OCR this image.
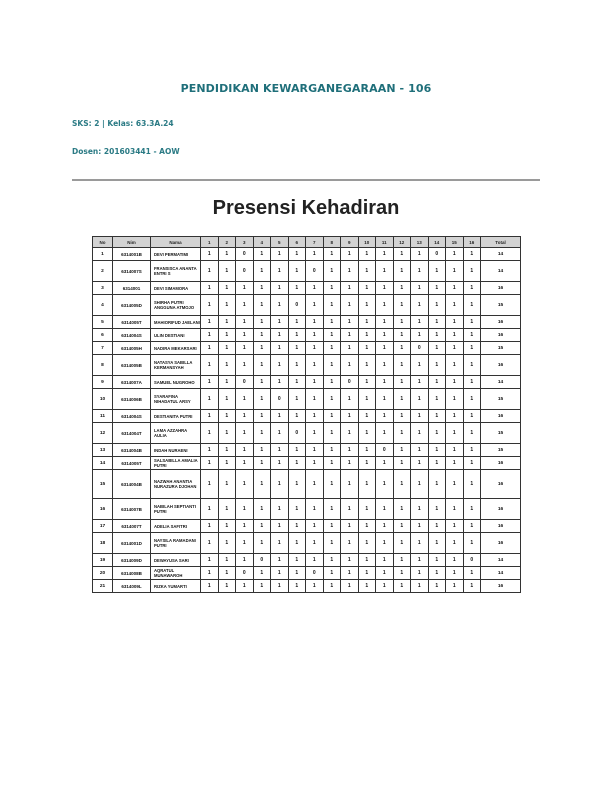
PENDIDIKAN KEWARGANEGARAAN - 106
SKS: 2 | Kelas: 63.3A.24
Dosen: 201603441 - AOW
Presensi Kehadiran
No	Nim	Nama	1	2	3	4	5	6	7	8	9	10	11	12	13	14	15	16	Total
1	6314001B	DEVI PERMATIMI	1	1	0	1	1	1	1	1	1	1	1	1	1	0	1	1	14
2	6314007S	FRANSISCA ANANTA ENTRI S	1	1	0	1	1	1	0	1	1	1	1	1	1	1	1	1	14
3	6314001	DEVI SIMAMORA	1	1	1	1	1	1	1	1	1	1	1	1	1	1	1	1	16
4	6314005D	SHIRHA PUTRI ANGGUNA ATMOJO	1	1	1	1	1	0	1	1	1	1	1	1	1	1	1	1	15
5	6314005T	MAHIORIFUD JAELANI	1	1	1	1	1	1	1	1	1	1	1	1	1	1	1	1	16
6	6314004S	ULIN DESTIANI	1	1	1	1	1	1	1	1	1	1	1	1	1	1	1	1	16
7	6314005H	NADIRA MEKARSARI	1	1	1	1	1	1	1	1	1	1	1	1	0	1	1	1	15
8	6314005B	NATASYA SABILLA KERMANSYAH	1	1	1	1	1	1	1	1	1	1	1	1	1	1	1	1	16
9	6314007A	SAMUEL NUGROHO	1	1	0	1	1	1	1	1	0	1	1	1	1	1	1	1	14
10	6314006B	SYARAFINA NIHADATUL ARSY	1	1	1	1	0	1	1	1	1	1	1	1	1	1	1	1	15
11	6314004S	DESTIANITA PUTRI	1	1	1	1	1	1	1	1	1	1	1	1	1	1	1	1	16
12	6314004T	LAMA AZZAHRA AULIA	1	1	1	1	1	0	1	1	1	1	1	1	1	1	1	1	15
13	6314004B	INDAH NURAENI	1	1	1	1	1	1	1	1	1	1	0	1	1	1	1	1	15
14	6314005T	SALSABILLA AMALIA PUTRI	1	1	1	1	1	1	1	1	1	1	1	1	1	1	1	1	16
15	6314004B	NAZWAH ANANTIA NURAZURA DJOHAN	1	1	1	1	1	1	1	1	1	1	1	1	1	1	1	1	16
16	6314007B	NABILAH SEPTIANTI PUTRI	1	1	1	1	1	1	1	1	1	1	1	1	1	1	1	1	16
17	6314007T	ADELIA SAFITRI	1	1	1	1	1	1	1	1	1	1	1	1	1	1	1	1	16
18	6314001D	NAYSILA RAMADANI PUTRI	1	1	1	1	1	1	1	1	1	1	1	1	1	1	1	1	16
19	6314009D	DEWAYUSA SARI	1	1	1	0	1	1	1	1	1	1	1	1	1	1	1	0	14
20	6314008B	AQRATUL MUNAWAROH	1	1	0	1	1	1	0	1	1	1	1	1	1	1	1	1	14
21	6314009L	RIZKA YUMARTI	1	1	1	1	1	1	1	1	1	1	1	1	1	1	1	1	16
